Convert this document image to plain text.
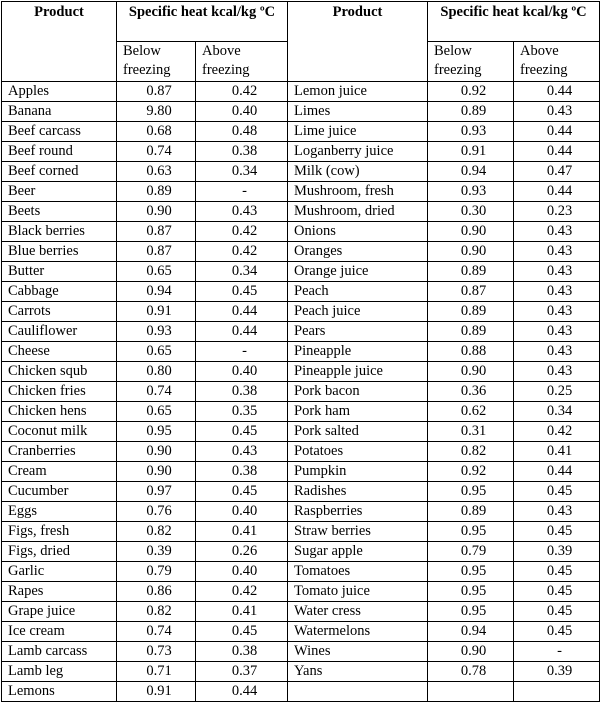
Product	Specific heat kcal/kg ºC		Product	Specific heat kcal/kg ºC	
	Below freezing	Above freezing		Below freezing	Above freezing
Apples	0.87	0.42	Lemon juice	0.92	0.44
Banana	9.80	0.40	Limes	0.89	0.43
Beef carcass	0.68	0.48	Lime juice	0.93	0.44
Beef round	0.74	0.38	Loganberry juice	0.91	0.44
Beef corned	0.63	0.34	Milk (cow)	0.94	0.47
Beer	0.89	-	Mushroom, fresh	0.93	0.44
Beets	0.90	0.43	Mushroom, dried	0.30	0.23
Black berries	0.87	0.42	Onions	0.90	0.43
Blue berries	0.87	0.42	Oranges	0.90	0.43
Butter	0.65	0.34	Orange juice	0.89	0.43
Cabbage	0.94	0.45	Peach	0.87	0.43
Carrots	0.91	0.44	Peach juice	0.89	0.43
Cauliflower	0.93	0.44	Pears	0.89	0.43
Cheese	0.65	-	Pineapple	0.88	0.43
Chicken squb	0.80	0.40	Pineapple juice	0.90	0.43
Chicken fries	0.74	0.38	Pork bacon	0.36	0.25
Chicken hens	0.65	0.35	Pork ham	0.62	0.34
Coconut milk	0.95	0.45	Pork salted	0.31	0.42
Cranberries	0.90	0.43	Potatoes	0.82	0.41
Cream	0.90	0.38	Pumpkin	0.92	0.44
Cucumber	0.97	0.45	Radishes	0.95	0.45
Eggs	0.76	0.40	Raspberries	0.89	0.43
Figs, fresh	0.82	0.41	Straw berries	0.95	0.45
Figs, dried	0.39	0.26	Sugar apple	0.79	0.39
Garlic	0.79	0.40	Tomatoes	0.95	0.45
Rapes	0.86	0.42	Tomato juice	0.95	0.45
Grape juice	0.82	0.41	Water cress	0.95	0.45
Ice cream	0.74	0.45	Watermelons	0.94	0.45
Lamb carcass	0.73	0.38	Wines	0.90	-
Lamb leg	0.71	0.37	Yans	0.78	0.39
Lemons	0.91	0.44			
